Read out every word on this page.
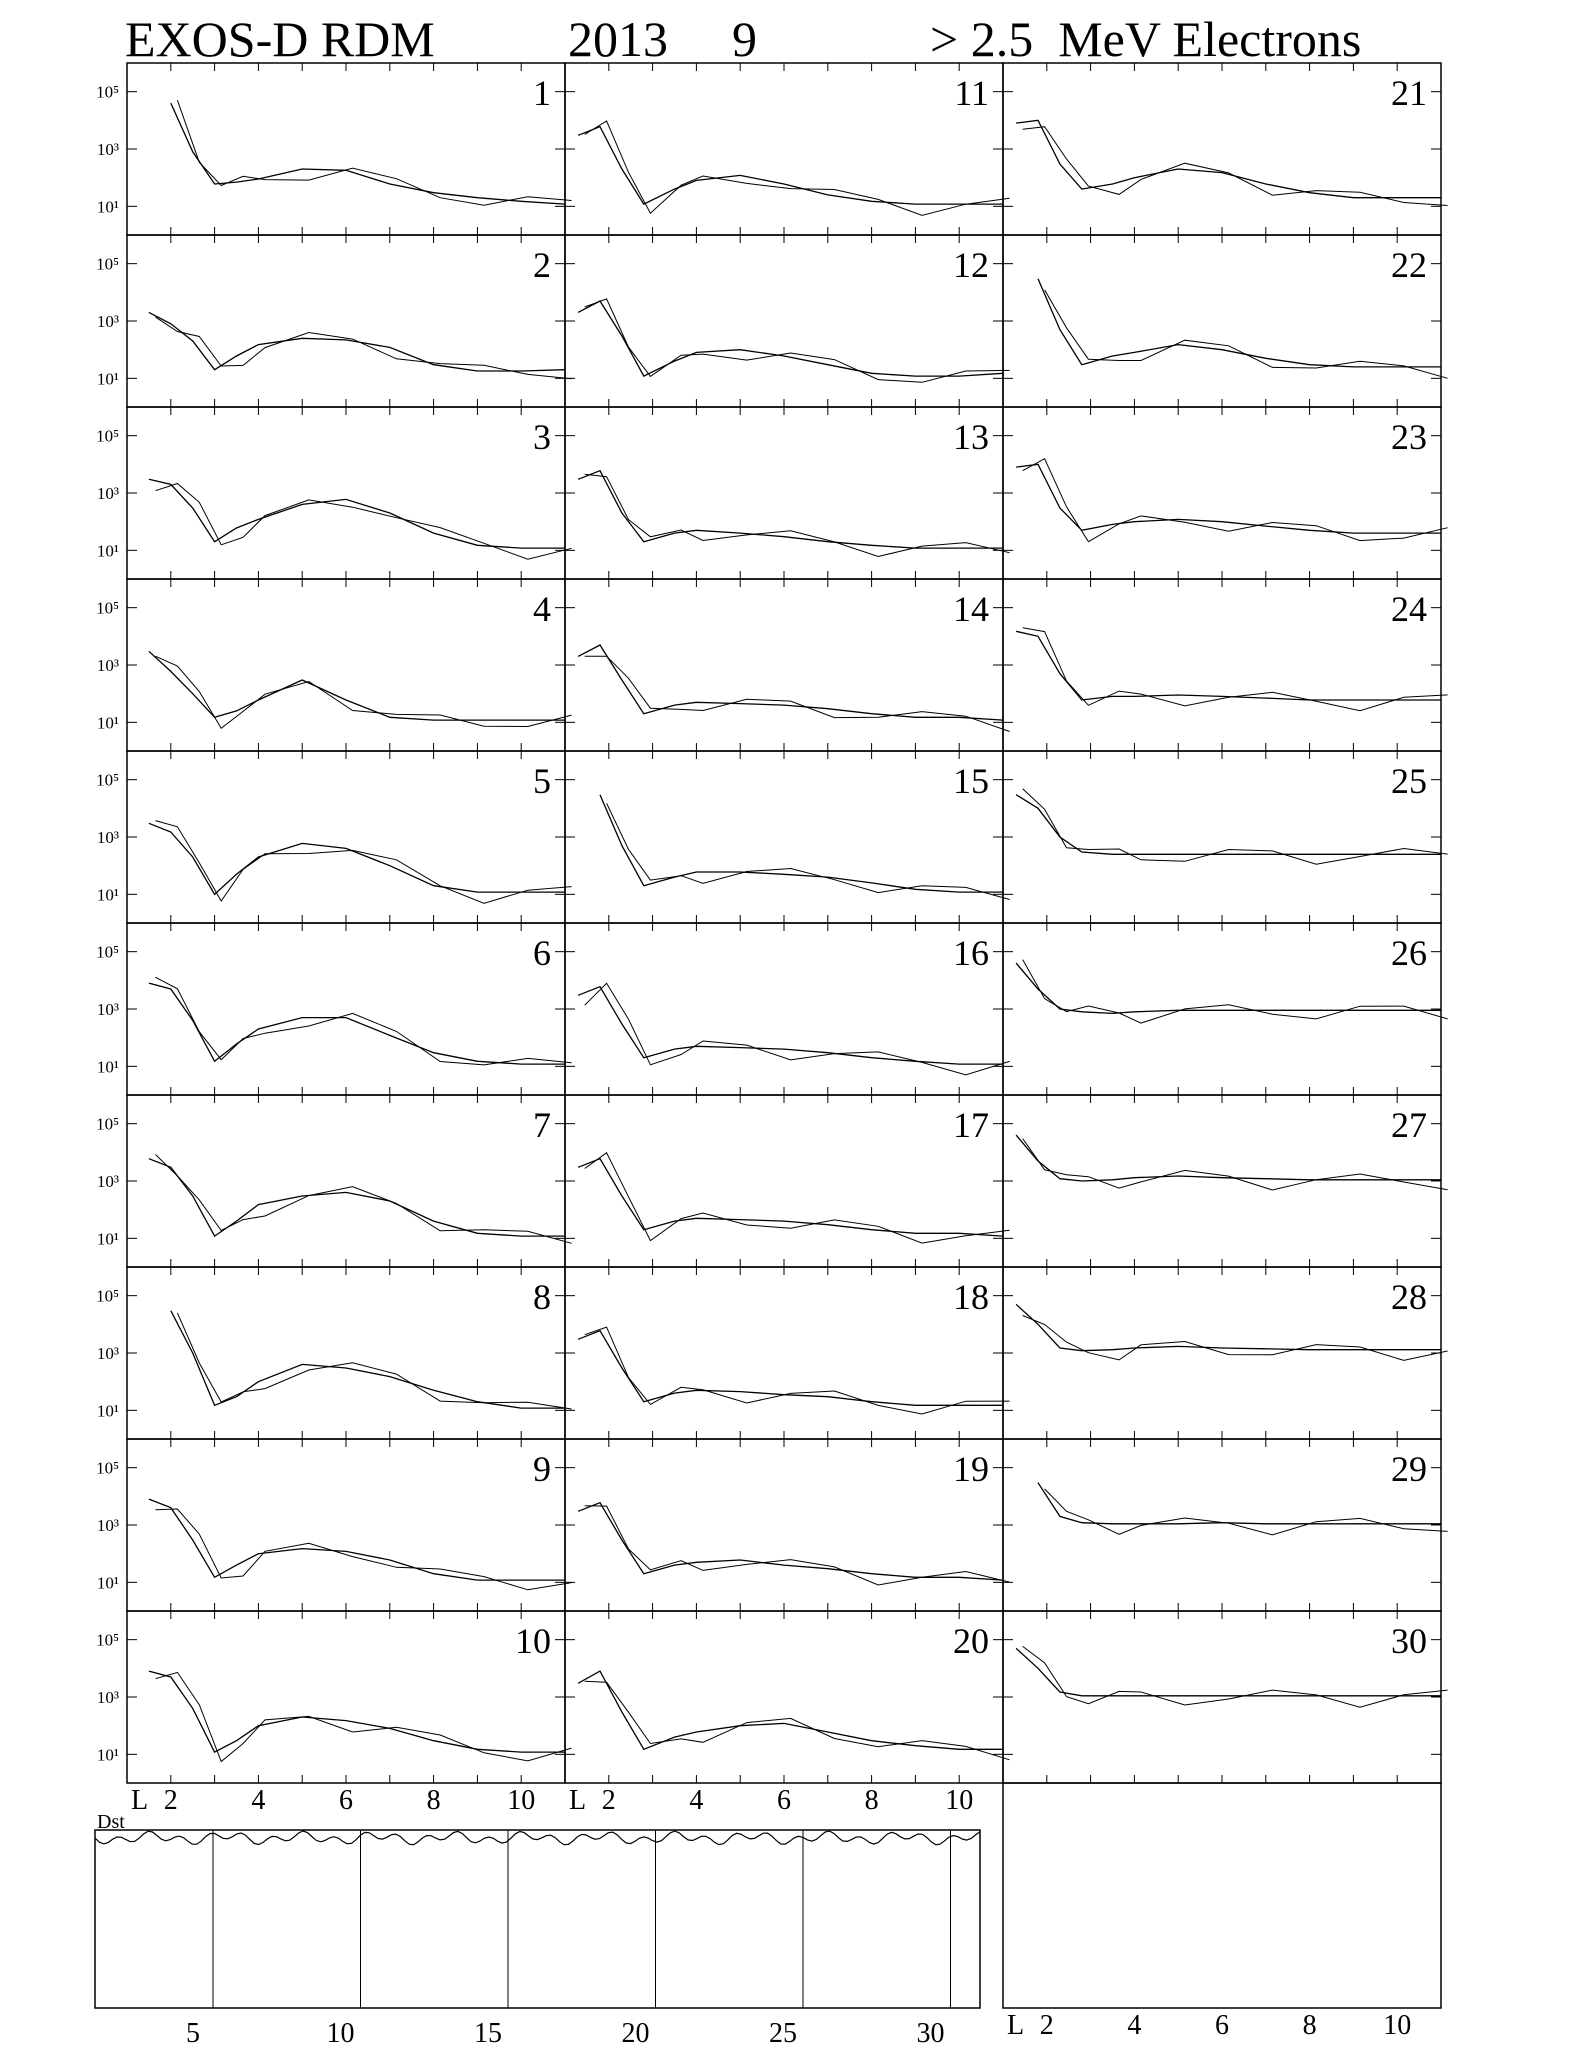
EXOS-D RDM	2013 9	> 2.5  MeV Electrons
10⁵
10³
10¹
1
10⁵
10³
10¹
2
10⁵
10³
10¹
3
10⁵
10³
10¹
4
10⁵
10³
10¹
5
10⁵
10³
10¹
6
10⁵
10³
10¹
7
10⁵
10³
10¹
8
10⁵
10³
10¹
9
10⁵
10³
10¹
10
11
12
13
14
15
16
17
18
19
20
21
22
23
24
25
26
27
28
29
30
L 2	4	6	8 10 L 2	4	6	8 10
Dst
5	10	15	20	25	30 L 2	4	6	8 10
